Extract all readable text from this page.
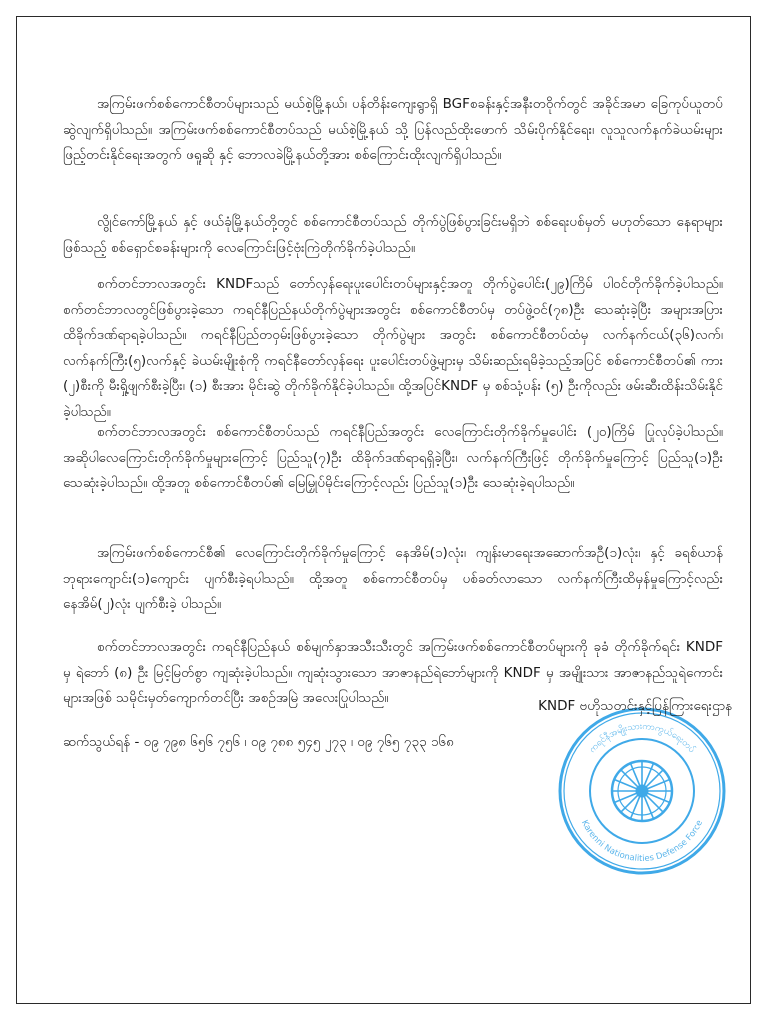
အကြမ်းဖက်စစ်ကောင်စီတပ်များသည် မယ်စဲ့မြို့နယ်၊ ပန်တိန်းကျေးရွာရှိ BGFစခန်းနှင့်အနီးတဝိုက်တွင် အခိုင်အမာ ခြေကုပ်ယူတပ်ဆွဲလျက်ရှိပါသည်။ အကြမ်းဖက်စစ်ကောင်စီတပ်သည် မယ်စဲ့မြို့နယ် သို့ ပြန်လည်ထိုးဖောက် သိမ်းပိုက်နိုင်ရေး၊ လူသူလက်နက်ခဲယမ်းများ ဖြည့်တင်းနိုင်ရေးအတွက် ဖရူဆို နှင့် ဘောလခဲမြို့နယ်တို့အား စစ်ကြောင်းထိုးလျက်ရှိပါသည်။

လွိုင်ကော်မြို့နယ် နှင့် ဖယ်ခုံမြို့နယ်တို့တွင် စစ်ကောင်စီတပ်သည် တိုက်ပွဲဖြစ်ပွားခြင်းမရှိဘဲ စစ်ရေးပစ်မှတ် မဟုတ်သော နေရာများဖြစ်သည့် စစ်ရှောင်စခန်းများကို လေကြောင်းဖြင့်ဗုံးကြဲတိုက်ခိုက်ခဲ့ပါသည်။

စက်တင်ဘာလအတွင်း KNDFသည် တော်လှန်ရေးပူးပေါင်းတပ်များနှင့်အတူ တိုက်ပွဲပေါင်း(၂၉)ကြိမ် ပါဝင်တိုက်ခိုက်ခဲ့ပါသည်။ စက်တင်ဘာလတွင်ဖြစ်ပွားခဲ့သော ကရင်နီပြည်နယ်တိုက်ပွဲများအတွင်း စစ်ကောင်စီတပ်မှ တပ်ဖွဲ့ဝင်(၇၈)ဦး သေဆုံးခဲ့ပြီး အများအပြားထိခိုက်ဒဏ်ရာရခဲ့ပါသည်။ ကရင်နီပြည်တဝှမ်းဖြစ်ပွားခဲ့သော တိုက်ပွဲများ အတွင်း စစ်ကောင်စီတပ်ထံမှ လက်နက်ငယ်(၃၆)လက်၊ လက်နက်ကြီး(၅)လက်နှင့် ခဲယမ်းမျိုးစုံကို ကရင်နီတော်လှန်ရေး ပူးပေါင်းတပ်ဖွဲ့များမှ သိမ်းဆည်းရမိခဲ့သည့်အပြင် စစ်ကောင်စီတပ်၏ ကား (၂)စီးကို မီးရှို့ဖျက်စီးခဲ့ပြီး၊ (၁) စီးအား မိုင်းဆွဲ တိုက်ခိုက်နိုင်ခဲ့ပါသည်။ ထို့အပြင်KNDF မှ စစ်သုံ့ပန်း (၅) ဦးကိုလည်း ဖမ်းဆီးထိန်းသိမ်းနိုင်ခဲ့ပါသည်။

စက်တင်ဘာလအတွင်း စစ်ကောင်စီတပ်သည် ကရင်နီပြည်အတွင်း လေကြောင်းတိုက်ခိုက်မှုပေါင်း (၂၀)ကြိမ် ပြုလုပ်ခဲ့ပါသည်။ အဆိုပါလေကြောင်းတိုက်ခိုက်မှုများကြောင့် ပြည်သူ(၇)ဦး ထိခိုက်ဒဏ်ရာရရှိခဲ့ပြီး၊ လက်နက်ကြီးဖြင့် တိုက်ခိုက်မှုကြောင့် ပြည်သူ(၁)ဦးသေဆုံးခဲ့ပါသည်။ ထို့အတူ စစ်ကောင်စီတပ်၏ မြေမြှုပ်မိုင်းကြောင့်လည်း ပြည်သူ(၁)ဦး သေဆုံးခဲ့ရပါသည်။

အကြမ်းဖက်စစ်ကောင်စီ၏ လေကြောင်းတိုက်ခိုက်မှုကြောင့် နေအိမ်(၁)လုံး၊ ကျန်းမာရေးအဆောက်အဦ(၁)လုံး၊ နှင့် ခရစ်ယာန်ဘုရားကျောင်း(၁)ကျောင်း ပျက်စီးခဲ့ရပါသည်။ ထို့အတူ စစ်ကောင်စီတပ်မှ ပစ်ခတ်လာသော လက်နက်ကြီးထိမှန်မှုကြောင့်လည်း နေအိမ်(၂)လုံး ပျက်စီးခဲ့ ပါသည်။

စက်တင်ဘာလအတွင်း ကရင်နီပြည်နယ် စစ်မျက်နှာအသီးသီးတွင် အကြမ်းဖက်စစ်ကောင်စီတပ်များကို ခုခံ တိုက်ခိုက်ရင်း KNDF မှ ရဲဘော် (၈) ဦး မြင့်မြတ်စွာ ကျဆုံးခဲ့ပါသည်။ ကျဆုံးသွားသော အာဇာနည်ရဲဘော်များကို KNDF မှ အမျိုးသား အာဇာနည်သူရဲကောင်းများအဖြစ် သမိုင်းမှတ်ကျောက်တင်ပြီး အစဉ်အမြဲ အလေးပြုပါသည်။

ကရင်နီအမျိုးသားကာကွယ်ရေးတပ်
Karenni Nationalities Defense Force
KNDF ဗဟိုသတင်းနှင့်ပြန်ကြားရေးဌာန
ဆက်သွယ်ရန် - ၀၉ ၇၉၈ ၆၅၆ ၇၅၆ ၊ ၀၉ ၇၈၈ ၅၄၅ ၂၇၃ ၊ ၀၉ ၇၆၅ ၇၃၃ ၁၆၈
